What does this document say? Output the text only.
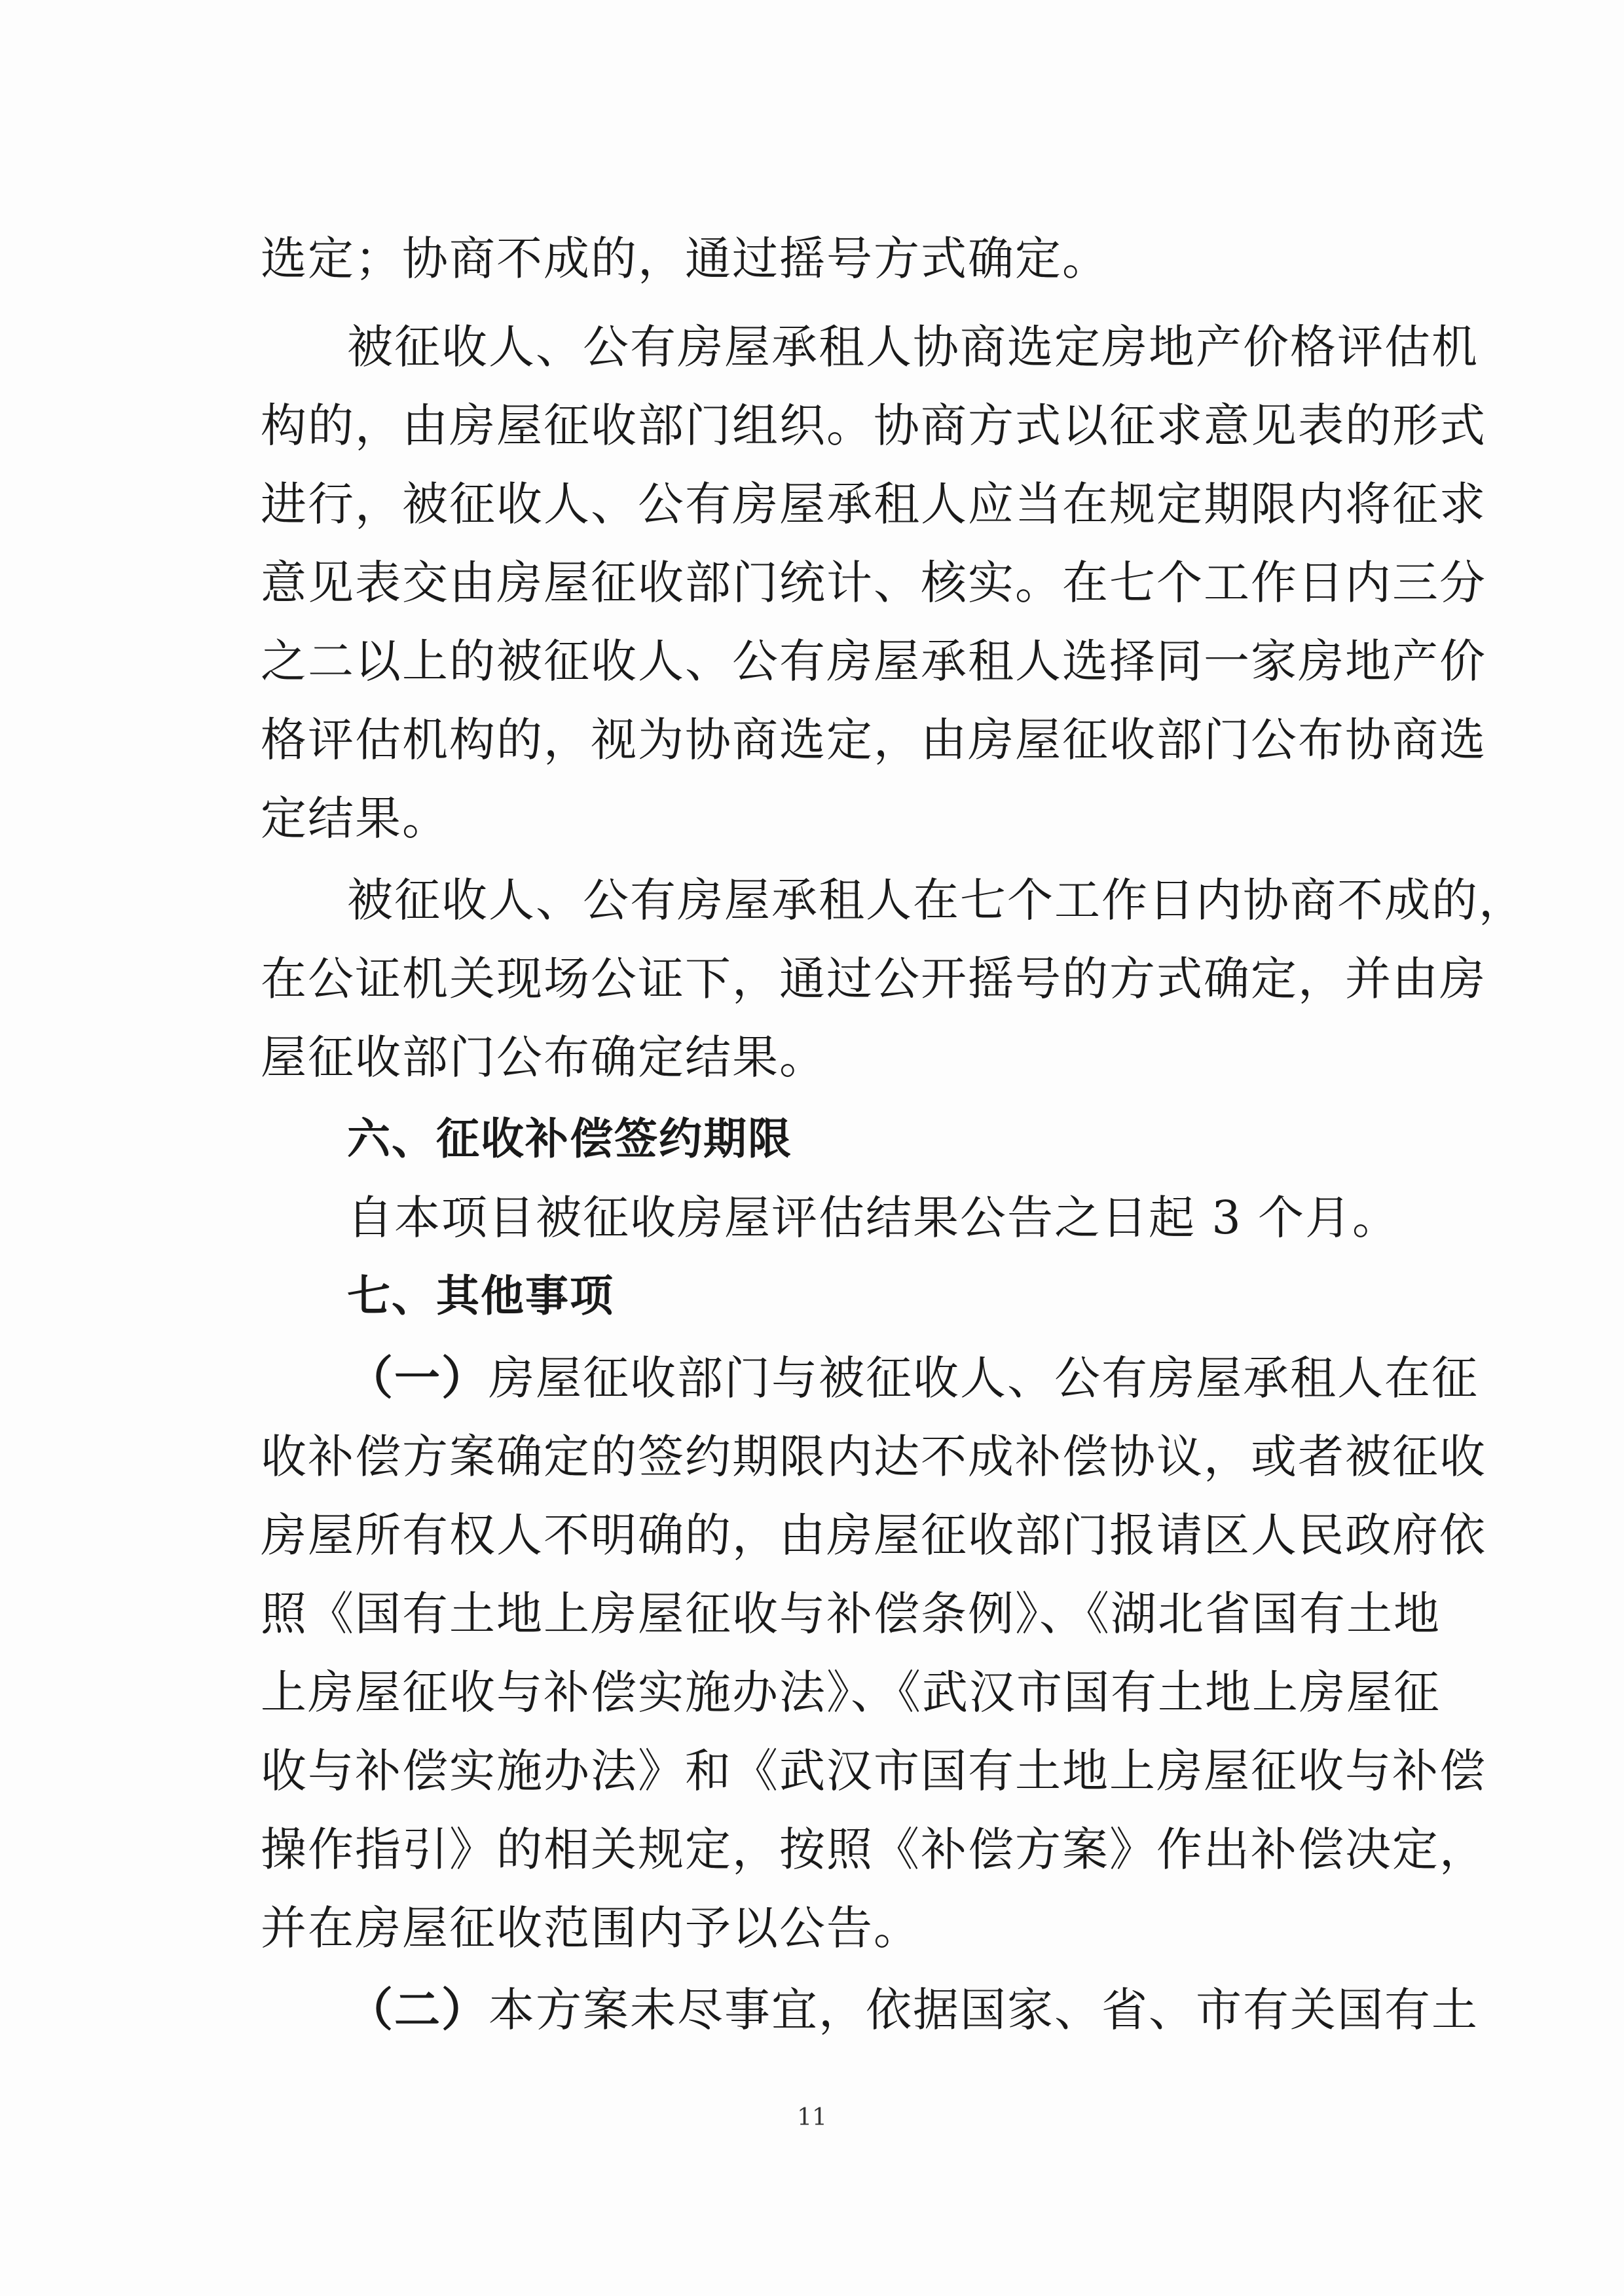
选定；协商不成的，通过摇号方式确定。
被征收人、公有房屋承租人协商选定房地产价格评估机
构的，由房屋征收部门组织。协商方式以征求意见表的形式
进行，被征收人、公有房屋承租人应当在规定期限内将征求
意见表交由房屋征收部门统计、核实。在七个工作日内三分
之二以上的被征收人、公有房屋承租人选择同一家房地产价
格评估机构的，视为协商选定，由房屋征收部门公布协商选
定结果。
被征收人、公有房屋承租人在七个工作日内协商不成的，
在公证机关现场公证下，通过公开摇号的方式确定，并由房
屋征收部门公布确定结果。
六、征收补偿签约期限
自本项目被征收房屋评估结果公告之日起 3 个月。
七、其他事项
（一） 房屋征收部门与被征收人、公有房屋承租人在征
收补偿方案确定的签约期限内达不成补偿协议，或者被征收
房屋所有权人不明确的，由房屋征收部门报请区人民政府依
照《国有土地上房屋征收与补偿条例》、《湖北省国有土地
上房屋征收与补偿实施办法》、《武汉市国有土地上房屋征
收与补偿实施办法》和《武汉市国有土地上房屋征收与补偿
操作指引》的相关规定，按照《补偿方案》作出补偿决定，
并在房屋征收范围内予以公告。
（二） 本方案未尽事宜，依据国家、省、市有关国有土
11
